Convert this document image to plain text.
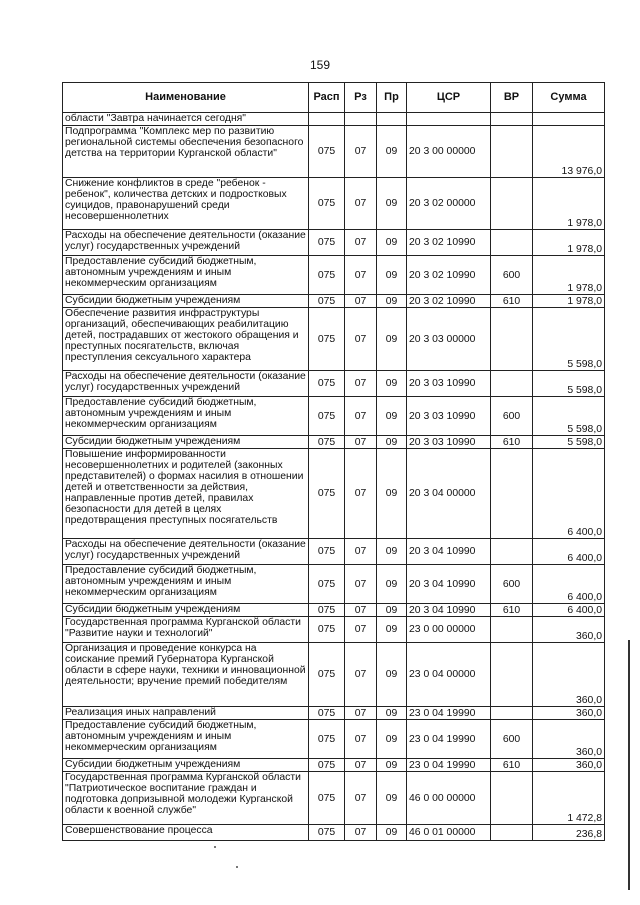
159
Наименование	Расп	Рз	Пр	ЦСР	ВР	Сумма
области "Завтра начинается сегодня"						
Подпрограмма "Комплекс мер по развитию региональной системы обеспечения безопасного детства на территории Курганской области"	075	07	09	20 3 00 00000		13 976,0
Снижение конфликтов в среде "ребенок - ребенок", количества детских и подростковых суицидов, правонарушений среди несовершеннолетних	075	07	09	20 3 02 00000		1 978,0
Расходы на обеспечение деятельности (оказание услуг) государственных учреждений	075	07	09	20 3 02 10990		1 978,0
Предоставление субсидий бюджетным, автономным учреждениям и иным некоммерческим организациям	075	07	09	20 3 02 10990	600	1 978,0
Субсидии бюджетным учреждениям	075	07	09	20 3 02 10990	610	1 978,0
Обеспечение развития инфраструктуры организаций, обеспечивающих реабилитацию детей, пострадавших от жестокого обращения и преступных посягательств, включая преступления сексуального характера	075	07	09	20 3 03 00000		5 598,0
Расходы на обеспечение деятельности (оказание услуг) государственных учреждений	075	07	09	20 3 03 10990		5 598,0
Предоставление субсидий бюджетным, автономным учреждениям и иным некоммерческим организациям	075	07	09	20 3 03 10990	600	5 598,0
Субсидии бюджетным учреждениям	075	07	09	20 3 03 10990	610	5 598,0
Повышение информированности несовершеннолетних и родителей (законных представителей) о формах насилия в отношении детей и ответственности за действия, направленные против детей, правилах безопасности для детей в целях предотвращения преступных посягательств	075	07	09	20 3 04 00000		6 400,0
Расходы на обеспечение деятельности (оказание услуг) государственных учреждений	075	07	09	20 3 04 10990		6 400,0
Предоставление субсидий бюджетным, автономным учреждениям и иным некоммерческим организациям	075	07	09	20 3 04 10990	600	6 400,0
Субсидии бюджетным учреждениям	075	07	09	20 3 04 10990	610	6 400,0
Государственная программа Курганской области "Развитие науки и технологий"	075	07	09	23 0 00 00000		360,0
Организация и проведение конкурса на соискание премий Губернатора Курганской области в сфере науки, техники и инновационной деятельности; вручение премий победителям	075	07	09	23 0 04 00000		360,0
Реализация иных направлений	075	07	09	23 0 04 19990		360,0
Предоставление субсидий бюджетным, автономным учреждениям и иным некоммерческим организациям	075	07	09	23 0 04 19990	600	360,0
Субсидии бюджетным учреждениям	075	07	09	23 0 04 19990	610	360,0
Государственная программа Курганской области "Патриотическое воспитание граждан и подготовка допризывной молодежи Курганской области к военной службе"	075	07	09	46 0 00 00000		1 472,8
Совершенствование процесса	075	07	09	46 0 01 00000		236,8
